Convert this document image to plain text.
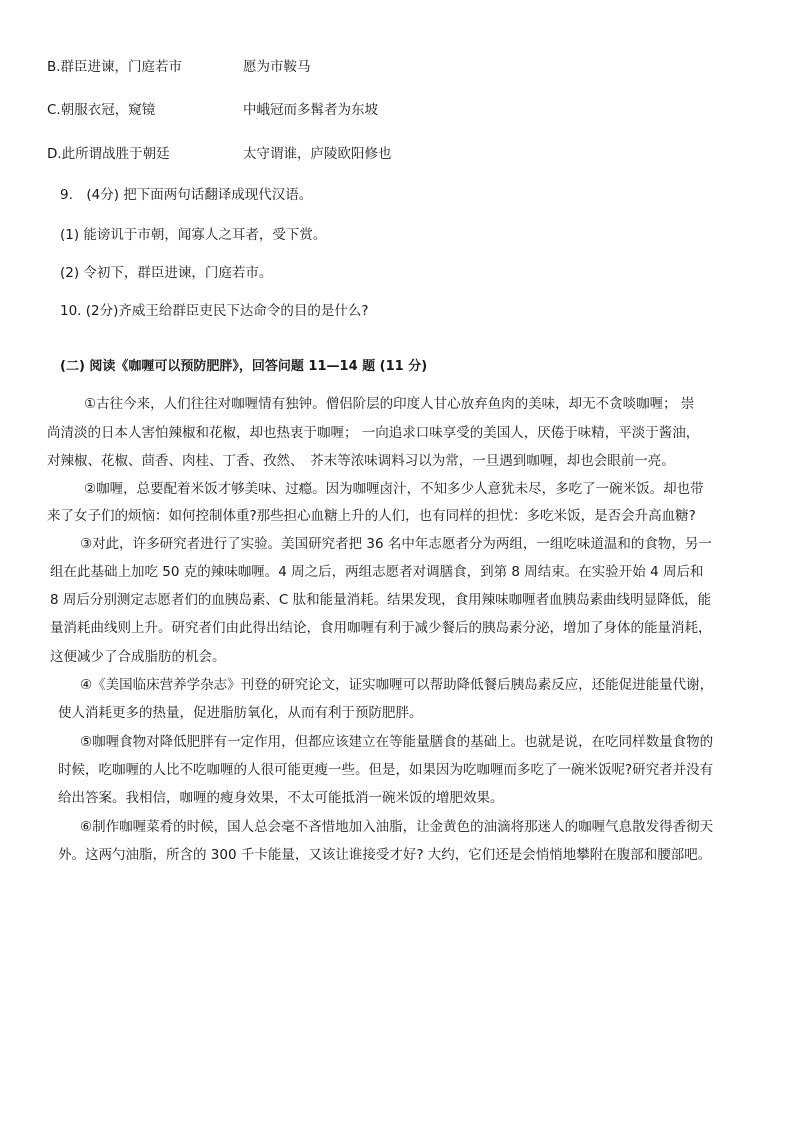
B.群臣进谏，门庭若市	愿为市鞍马
C.朝服衣冠，窥镜	中峨冠而多髯者为东坡
D.此所谓战胜于朝廷	太守谓谁，庐陵欧阳修也
9.　(4分) 把下面两句话翻译成现代汉语。
(1) 能谤讥于市朝，闻寡人之耳者，受下赏。
(2) 令初下，群臣进谏，门庭若市。
10. (2分)齐威王给群臣吏民下达命令的目的是什么?
(二) 阅读《咖喱可以预防肥胖》，回答问题 11—14 题 (11 分)
①古往今来，人们往往对咖喱情有独钟。僧侣阶层的印度人甘心放弃鱼肉的美味，却无不贪啖咖喱； 崇
尚清淡的日本人害怕辣椒和花椒，却也热衷于咖喱； 一向追求口味享受的美国人，厌倦于味精，平淡于酱油，
对辣椒、花椒、茴香、肉桂、丁香、孜然、　芥末等浓味调料习以为常，一旦遇到咖喱，却也会眼前一亮。
②咖喱，总要配着米饭才够美味、过瘾。因为咖喱卤汁，不知多少人意犹未尽，多吃了一碗米饭。却也带
来了女子们的烦恼：如何控制体重?那些担心血糖上升的人们，也有同样的担忧：多吃米饭，是否会升高血糖?
③对此，许多研究者进行了实验。美国研究者把 36 名中年志愿者分为两组，一组吃味道温和的食物，另一
组在此基础上加吃 50 克的辣味咖喱。4 周之后，两组志愿者对调膳食，到第 8 周结束。在实验开始 4 周后和
8 周后分别测定志愿者们的血胰岛素、C 肽和能量消耗。结果发现，食用辣味咖喱者血胰岛素曲线明显降低，能
量消耗曲线则上升。研究者们由此得出结论，食用咖喱有利于减少餐后的胰岛素分泌，增加了身体的能量消耗，
这便减少了合成脂肪的机会。
④《美国临床营养学杂志》刊登的研究论文，证实咖喱可以帮助降低餐后胰岛素反应，还能促进能量代谢，
使人消耗更多的热量，促进脂肪氧化，从而有利于预防肥胖。
⑤咖喱食物对降低肥胖有一定作用，但都应该建立在等能量膳食的基础上。也就是说，在吃同样数量食物的
时候，吃咖喱的人比不吃咖喱的人很可能更瘦一些。但是，如果因为吃咖喱而多吃了一碗米饭呢?研究者并没有
给出答案。我相信，咖喱的瘦身效果，不太可能抵消一碗米饭的增肥效果。
⑥制作咖喱菜肴的时候，国人总会毫不吝惜地加入油脂，让金黄色的油滴将那迷人的咖喱气息散发得香彻天
外。这两勺油脂，所含的 300 千卡能量，又该让谁接受才好? 大约，它们还是会悄悄地攀附在腹部和腰部吧。
